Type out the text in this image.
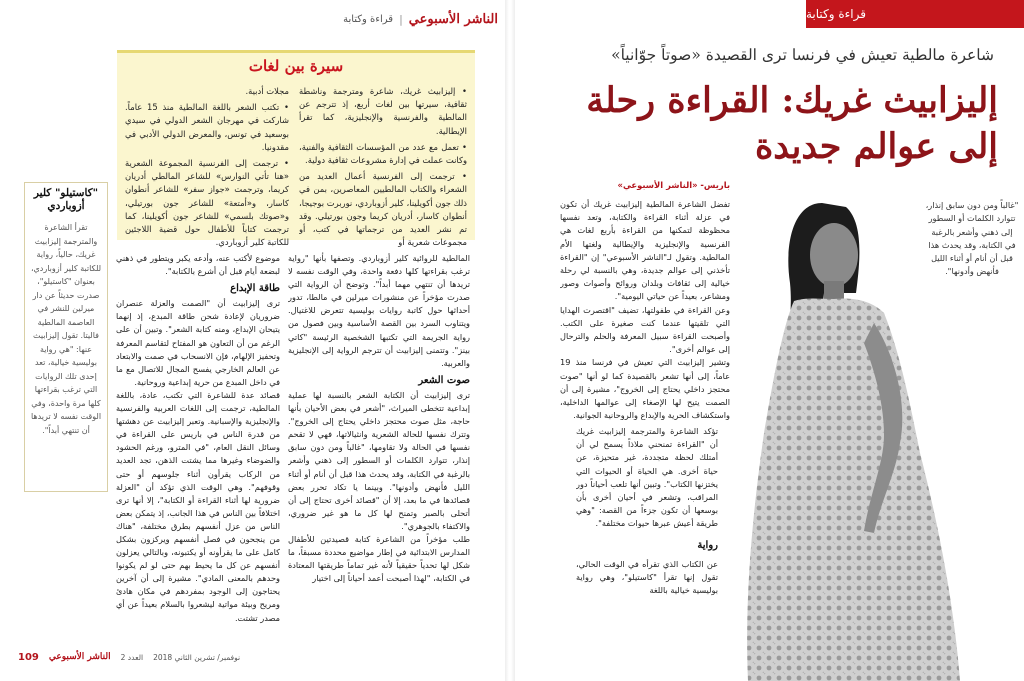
الناشر الأسبوعي
|
قراءة وكتابة
سيرة بين لغات

• إليزابيث غريك، شاعرة ومترجمة وناشطة ثقافية، سيرتها بين لغات أربع، إذ تترجم عن المالطية والفرنسية والإنجليزية، كما تقرأ الإيطالية.

• تعمل مع عدد من المؤسسات الثقافية والفنية، وكانت عملت في إدارة مشروعات ثقافية دولية.

• ترجمت إلى الفرنسية أعمال العديد من الشعراء والكتاب المالطيين المعاصرين، بمن في ذلك جون أكويلينا، كلير أزوباردي، نوربرت بوجيجا، أنطوان كاسار، أدريان كريما وجون بورتيلي. وقد تم نشر العديد من ترجماتها في كتب، أو مجموعات شعرية أو

مجلات أدبية.

• تكتب الشعر باللغة المالطية منذ 15 عاماً. شاركت في مهرجان الشعر الدولي في سيدي بوسعيد في تونس، والمعرض الدولي الأدبي في مقدونيا.

• ترجمت إلى الفرنسية المجموعة الشعرية «هنا تأتي النوارس» للشاعر المالطي أدريان كريما، وترجمت «جواز سفر» للشاعر أنطوان كاسار، و«أمتعة» للشاعر جون بورتيلي، و«صوتك بلسمي» للشاعر جون أكويلينا، كما ترجمت كتاباً للأطفال حول قضية اللاجئين للكاتبة كلير أزوباردي.

"كاستيلو" كلير أزوباردي
تقرأ الشاعرة والمترجمة إليزابيث غريك، حالياً، رواية للكاتبة كلير أزوباردي، بعنوان "كاستيلو"، صدرت حديثاً عن دار ميرلين للنشر في العاصمة المالطية فاليتا. تقول إليزابيث عنها: "هي رواية بوليسية خيالية، تعد إحدى تلك الروايات التي ترغب بقراءتها كلها مرة واحدة، وفي الوقت نفسه لا تريدها أن تنتهي أبداً".

المالطية للروائية كلير أزوباردي. وتصفها بأنها "رواية ترغب بقراءتها كلها دفعة واحدة، وفي الوقت نفسه لا تريدها أن تنتهي مهما أبداً". وتوضح أن الرواية التي صدرت مؤخراً عن منشورات ميرلين في مالطا، تدور أحداثها حول كاتبة روايات بوليسية تتعرض للاغتيال. ويتناوب السرد بين القصة الأساسية وبين فصول من رواية الجريمة التي تكتبها الشخصية الرئيسة "كاتي بينز". وتتمنى إليزابيث أن تترجم الرواية إلى الإنجليزية والعربية.

صوت الشعر

ترى إليزابيث أن الكتابة الشعر بالنسبة لها عملية إبداعية تتخطى الميراث، "أشعر في بعض الأحيان بأنها حاجة، مثل صوت محتجز داخلي يحتاج إلى الخروج". وتترك نفسها للحالة الشعرية وانثيالاتها، فهي لا تقحم نفسها في الحالة ولا تقاومها، "غالباً ومن دون سابق إنذار، تتوارد الكلمات أو السطور إلى ذهني وأشعر بالرغبة في الكتابة، وقد يحدث هذا قبل أن أنام أو أثناء الليل فأنهض وأدونها". وبينما يا تكاد تحرر بعض قصائدها في ما بعد، إلا أن "قصائد أخرى تحتاج إلى أن أتحلى بالصبر وتمنح لها كل ما هو غير ضروري، والاكتفاء بالجوهري".

طلب مؤخراً من الشاعرة كتابة قصيدتين للأطفال المدارس الابتدائية في إطار مواضيع محددة مسبقاً، ما شكل لها تحدياً حقيقياً لأنه غير تماماً طريقتها المعتادة في الكتابة، "لهذا أصبحت أعمد أحياناً إلى اختيار

موضوع لأكتب عنه، وأدعه يكبر ويتطور في ذهني لبضعة أيام قبل أن أشرع بالكتابة".

طاقة الإبداع

ترى إليزابيث أن "الصمت والعزلة عنصران ضروريان لإعادة شحن طاقة المبدع، إذ إنهما يتيحان الإبداع، ومنه كتابة الشعر". وتبين أن على الرغم من أن التعاون هو المفتاح لتقاسم المعرفة وتحفيز الإلهام، فإن الانسحاب في صمت والابتعاد عن العالم الخارجي يفسح المجال للاتصال مع ما في داخل المبدع من حرية إبداعية وروحانية.

قصائد عدة للشاعرة التي تكتب، عادة، باللغة المالطية، ترجمت إلى اللغات العربية والفرنسية والإنجليزية والإسبانية. وتعبر إليزابيث عن دهشتها من قدرة الناس في باريس على القراءة في وسائل النقل العام، "في المترو، ورغم الحشود والضوضاء وغيرها مما يشتت الذهن، تجد العديد من الركاب يقرأون أثناء جلوسهم أو حتى وقوفهم". وهي الوقت الذي تؤكد أن "العزلة ضرورية لها أثناء القراءة أو الكتابة"، إلا أنها ترى اختلافاً بين الناس في هذا الجانب، إذ يتمكن بعض الناس من عزل أنفسهم بطرق مختلفة، "هناك من ينجحون في فصل أنفسهم ويركزون بشكل كامل على ما يقرأونه أو يكتبونه، وبالتالي يعزلون أنفسهم عن كل ما يحيط بهم حتى لو لم يكونوا وحدهم بالمعنى المادي". مشيرة إلى أن آخرين يحتاجون إلى الوجود بمفردهم في مكان هادئ ومريح وبيئة مواتية ليشعروا بالسلام بعيداً عن أي مصدر تشتت.

109 الناشر الأسبوعي العدد 2 نوفمبر/ تشرين الثاني 2018
قراءة وكتابة
شاعرة مالطية تعيش في فرنسا ترى القصيدة «صوتاً جوّانياً»
إليزابيث غريك: القراءة رحلة
إلى عوالم جديدة
"غالباً ومن دون سابق إنذار، تتوارد الكلمات أو السطور إلى ذهني وأشعر بالرغبة في الكتابة، وقد يحدث هذا قبل أن أنام أو أثناء الليل فأنهض وأدونها".
باريس- «الناشر الأسبوعي»

تفضل الشاعرة المالطية إليزابيث غريك أن تكون في عزلة أثناء القراءة والكتابة، وتعد نفسها محظوظة لتمكنها من القراءة بأربع لغات هي الفرنسية والإنجليزية والإيطالية ولغتها الأم المالطية. وتقول لـ"الناشر الأسبوعي" إن "القراءة تأخذني إلى عوالم جديدة، وهي بالنسبة لي رحلة خيالية إلى ثقافات وبلدان وروائح وأصوات وصور ومشاعر، بعيداً عن حياتي اليومية".

وعن القراءة في طفولتها، تضيف "اقتصرت الهدايا التي تلقيتها عندما كنت صغيرة على الكتب. وأصبحت القراءة سبيل المعرفة والحلم والترحال إلى عوالم أخرى".

وتشير إليزابيث التي تعيش في فرنسا منذ 19 عاماً، إلى أنها تشعر بالقصيدة كما لو أنها "صوت محتجز داخلي يحتاج إلى الخروج"، مشيرة إلى أن الصمت يتيح لها الإصغاء إلى عوالمها الداخلية، واستكشاف الحرية والإبداع والروحانية الجوانية.

تؤكد الشاعرة والمترجمة إليزابيث غريك أن "القراءة تمنحني ملاذاً يسمح لي أن أمتلك لحظة متجددة، غير متحيزة، عن حياة أخرى. هي الحياة أو الحيوات التي يختزنها الكتاب". وتبين أنها تلعب أحياناً دور المراقب، وتشعر في أحيان أخرى بأن بوسعها أن تكون جزءاً من القصة: "وهي طريقة أعيش عبرها حيوات مختلفة".

رواية
عن الكتاب الذي تقرأه في الوقت الحالي، تقول إنها تقرأ "كاستيلو"، وهي رواية بوليسية خيالية باللغة
